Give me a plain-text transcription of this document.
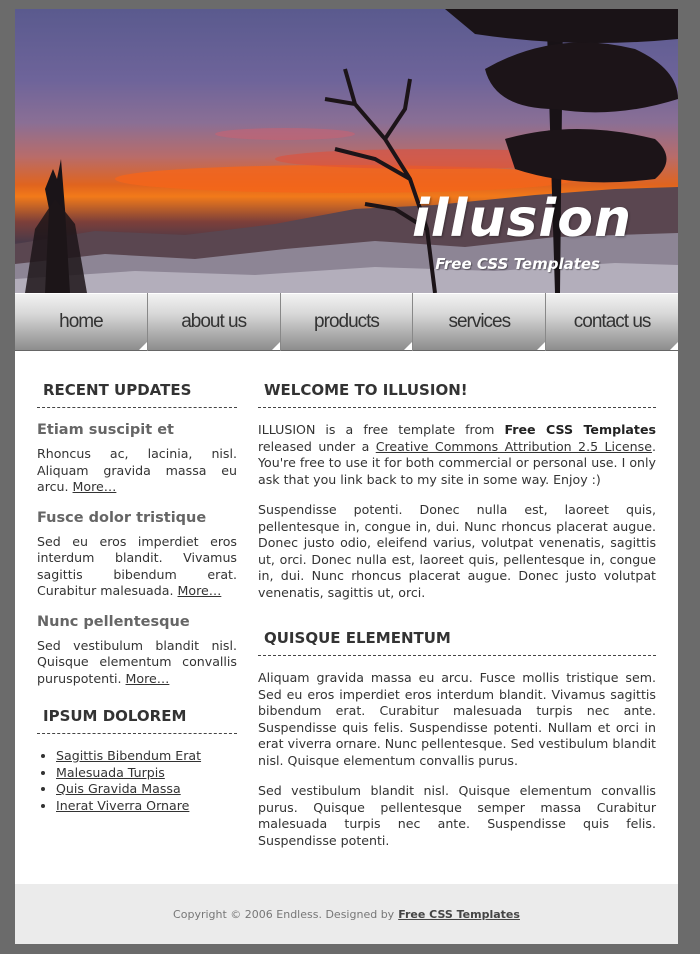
illusion
Free CSS Templates
home	about us	products	services	contact us
RECENT UPDATES
Etiam suscipit et

Rhoncus ac, lacinia, nisl. Aliquam gravida massa eu arcu. More…

Fusce dolor tristique

Sed eu eros imperdiet eros interdum blandit. Vivamus sagittis bibendum erat. Curabitur malesuada. More…

Nunc pellentesque

Sed vestibulum blandit nisl. Quisque elementum convallis puruspotenti. More…

IPSUM DOLOREM
• Sagittis Bibendum Erat
• Malesuada Turpis
• Quis Gravida Massa
• Inerat Viverra Ornare
WELCOME TO ILLUSION!

ILLUSION is a free template from Free CSS Templates released under a Creative Commons Attribution 2.5 License. You're free to use it for both commercial or personal use. I only ask that you link back to my site in some way. Enjoy :)

Suspendisse potenti. Donec nulla est, laoreet quis, pellentesque in, congue in, dui. Nunc rhoncus placerat augue. Donec justo odio, eleifend varius, volutpat venenatis, sagittis ut, orci. Donec nulla est, laoreet quis, pellentesque in, congue in, dui. Nunc rhoncus placerat augue. Donec justo volutpat venenatis, sagittis ut, orci.

QUISQUE ELEMENTUM

Aliquam gravida massa eu arcu. Fusce mollis tristique sem. Sed eu eros imperdiet eros interdum blandit. Vivamus sagittis bibendum erat. Curabitur malesuada turpis nec ante. Suspendisse quis felis. Suspendisse potenti. Nullam et orci in erat viverra ornare. Nunc pellentesque. Sed vestibulum blandit nisl. Quisque elementum convallis purus.

Sed vestibulum blandit nisl. Quisque elementum convallis purus. Quisque pellentesque semper massa Curabitur malesuada turpis nec ante. Suspendisse quis felis. Suspendisse potenti.

Copyright © 2006 Endless. Designed by Free CSS Templates
